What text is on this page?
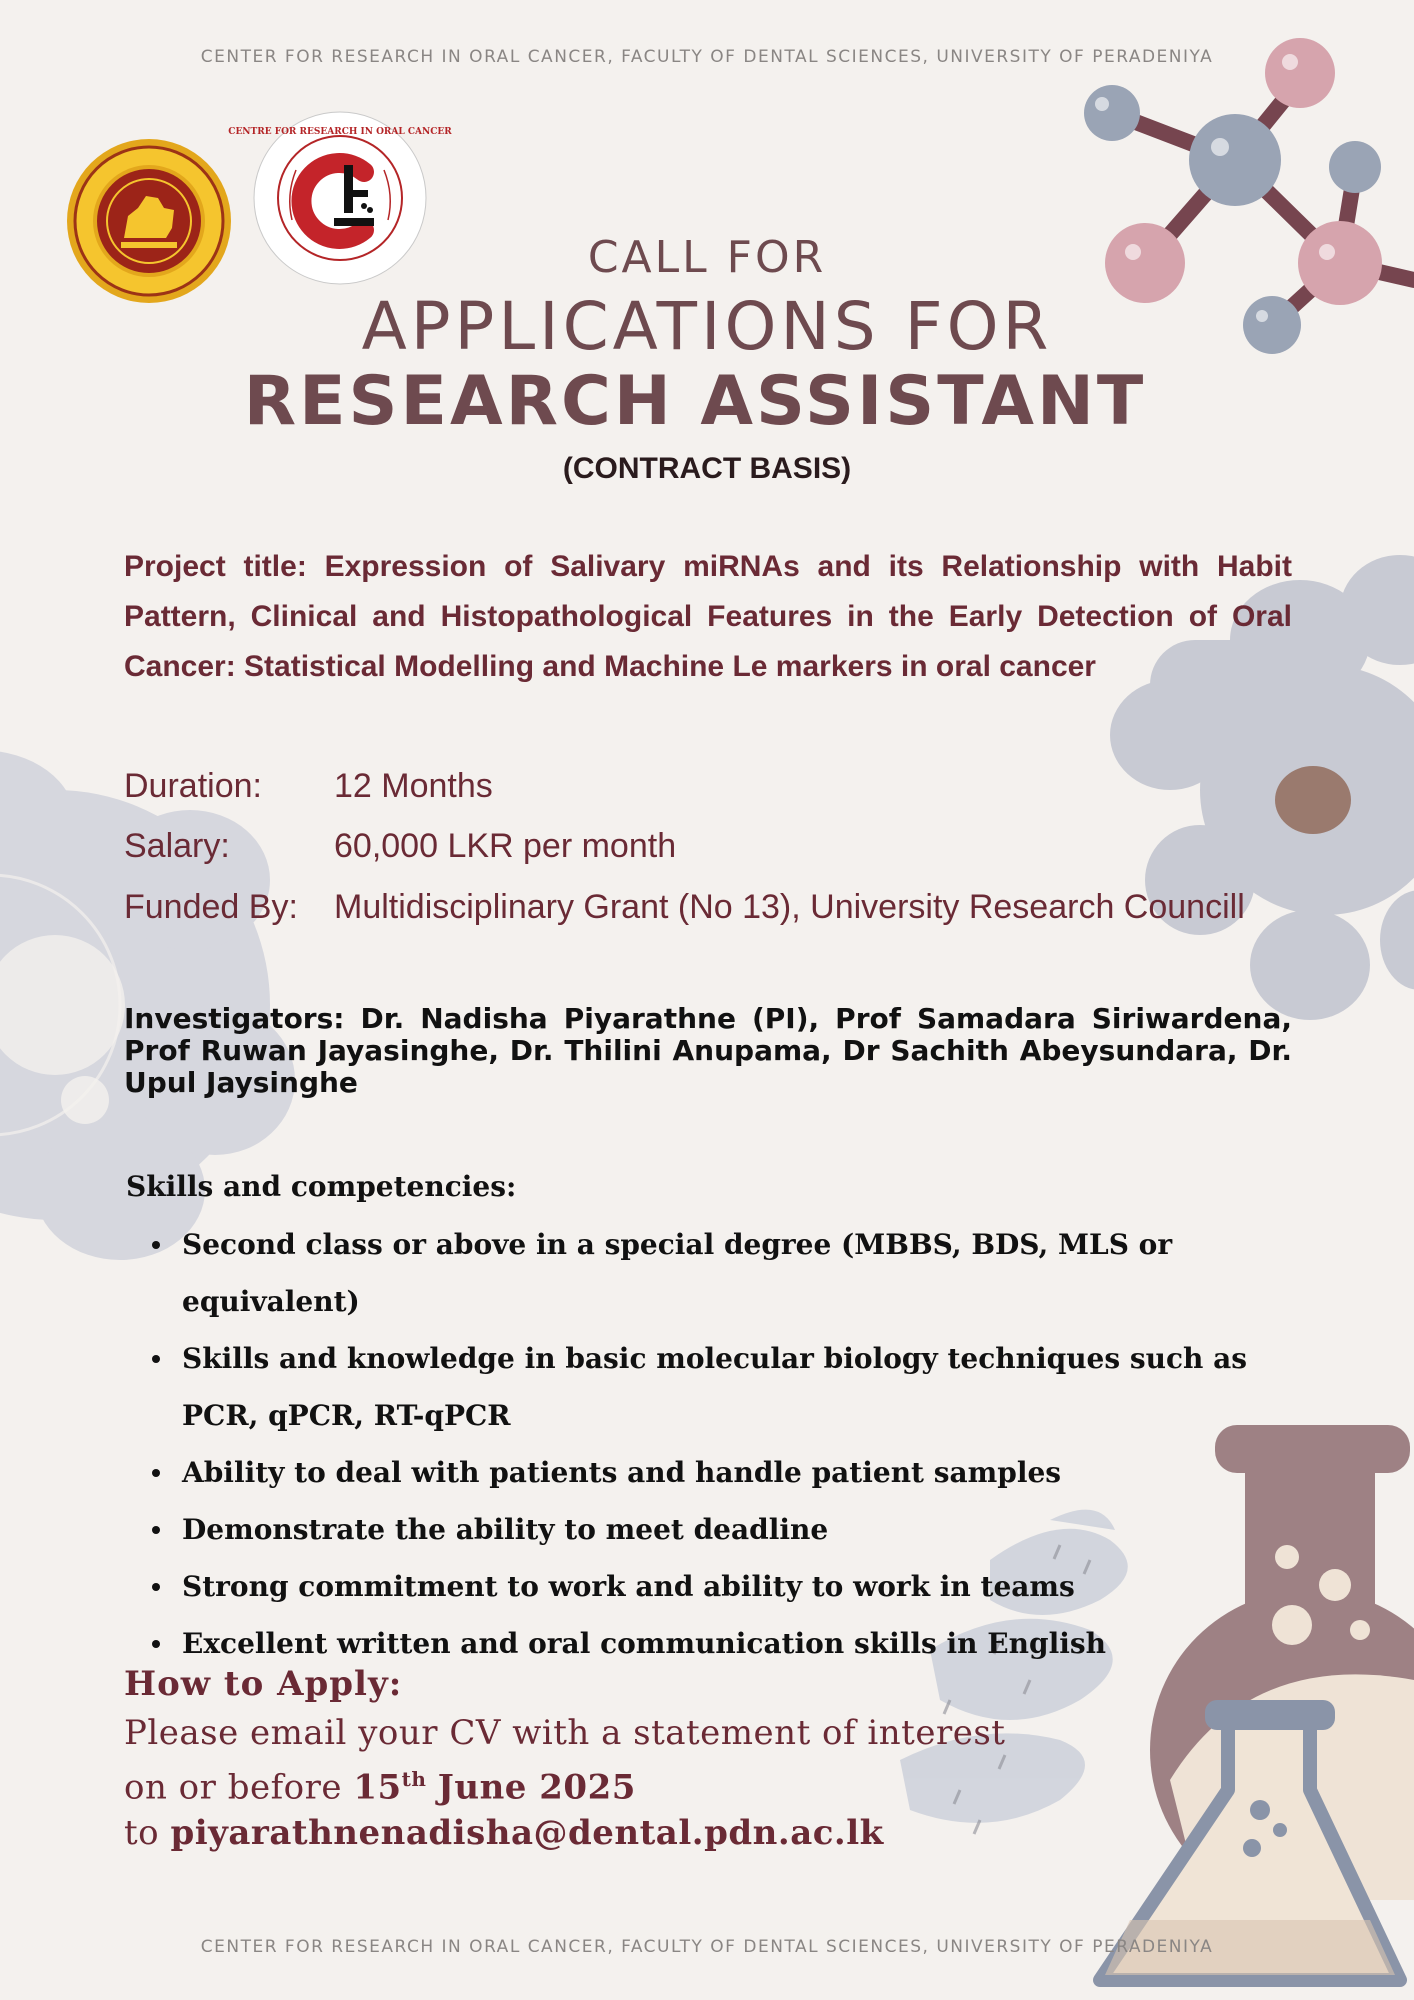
CENTER FOR RESEARCH IN ORAL CANCER, FACULTY OF DENTAL SCIENCES, UNIVERSITY OF PERADENIYA
CENTRE FOR RESEARCH IN ORAL CANCER
CALL FOR
APPLICATIONS FOR
RESEARCH ASSISTANT
(CONTRACT BASIS)
Project title: Expression of Salivary miRNAs and its Relationship with Habit Pattern, Clinical and Histopathological Features in the Early Detection of Oral Cancer: Statistical Modelling and Machine Le markers in oral cancer
Duration: 12 Months
Salary:	60,000 LKR per month
Funded By: Multidisciplinary Grant (No 13), University Research Councill
Investigators: Dr. Nadisha Piyarathne (PI), Prof Samadara Siriwardena, Prof Ruwan Jayasinghe, Dr. Thilini Anupama, Dr Sachith Abeysundara, Dr. Upul Jaysinghe
Skills and competencies:
Second class or above in a special degree (MBBS, BDS, MLS or equivalent)
Skills and knowledge in basic molecular biology techniques such as PCR, qPCR, RT-qPCR
Ability to deal with patients and handle patient samples
Demonstrate the ability to meet deadline
Strong commitment to work and ability to work in teams
Excellent written and oral communication skills in English
How to Apply:
Please email your CV with a statement of interest
on or before 15th June 2025
to piyarathnenadisha@dental.pdn.ac.lk
CENTER FOR RESEARCH IN ORAL CANCER, FACULTY OF DENTAL SCIENCES, UNIVERSITY OF PERADENIYA
